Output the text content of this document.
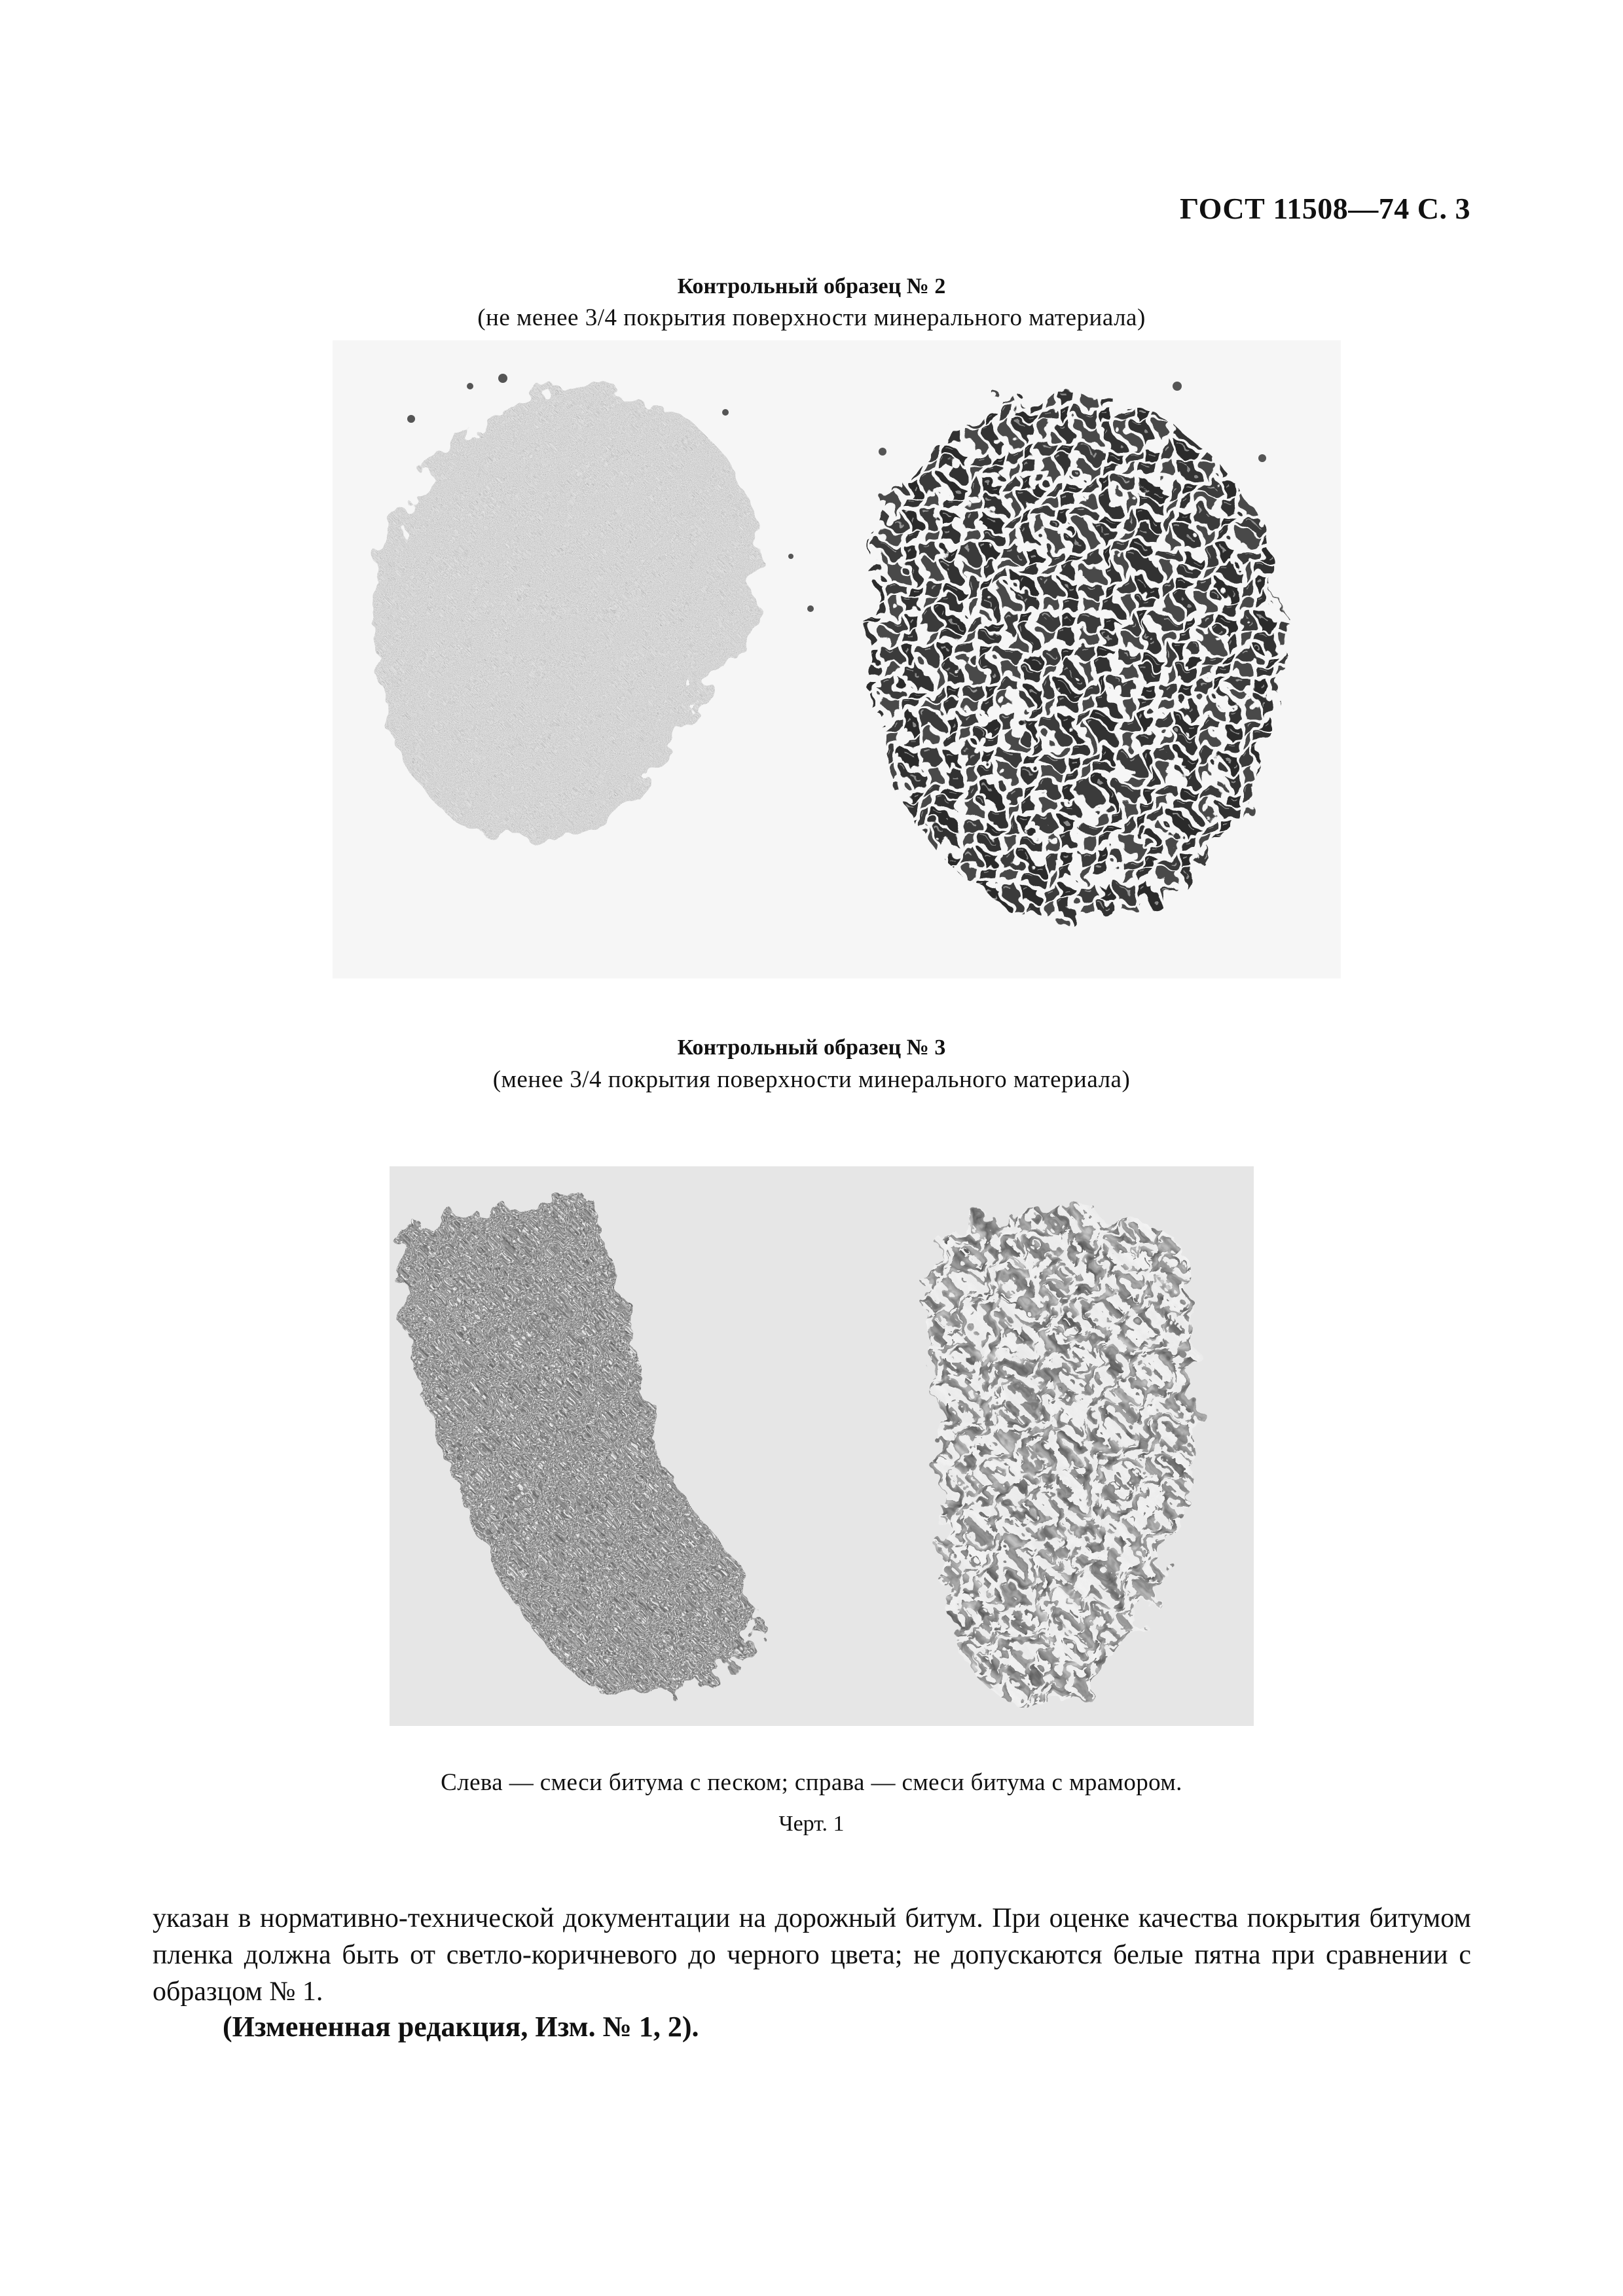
ГОСТ 11508—74 С. 3
Контрольный образец № 2
(не менее 3/4 покрытия поверхности минерального материала)
Контрольный образец № 3
(менее 3/4 покрытия поверхности минерального материала)
Слева — смеси битума с песком; справа — смеси битума с мрамором.
Черт. 1

указан в нормативно-технической документации на дорожный битум. При оценке качества покрытия битумом пленка должна быть от светло-коричневого до черного цвета; не допускаются белые пятна при сравнении с образцом № 1.

(Измененная редакция, Изм. № 1, 2).
